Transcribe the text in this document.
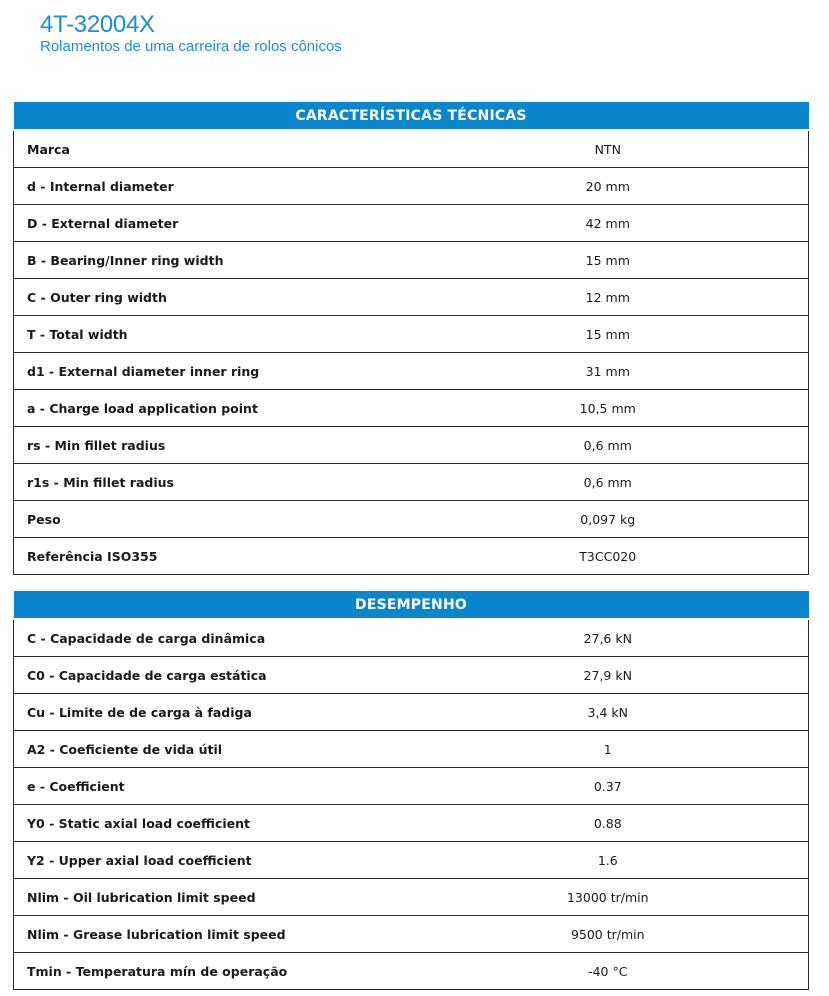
4T-32004X
Rolamentos de uma carreira de rolos cônicos
CARACTERÍSTICAS TÉCNICAS	
Marca	NTN
d - Internal diameter	20 mm
D - External diameter	42 mm
B - Bearing/Inner ring width	15 mm
C - Outer ring width	12 mm
T - Total width	15 mm
d1 - External diameter inner ring	31 mm
a - Charge load application point	10,5 mm
rs - Min fillet radius	0,6 mm
r1s - Min fillet radius	0,6 mm
Peso	0,097 kg
Referência ISO355	T3CC020
DESEMPENHO	
C - Capacidade de carga dinâmica	27,6 kN
C0 - Capacidade de carga estática	27,9 kN
Cu - Limite de de carga à fadiga	3,4 kN
A2 - Coeficiente de vida útil	1
e - Coefficient	0.37
Y0 - Static axial load coefficient	0.88
Y2 - Upper axial load coefficient	1.6
Nlim - Oil lubrication limit speed	13000 tr/min
Nlim - Grease lubrication limit speed	9500 tr/min
Tmin - Temperatura mín de operação	-40 °C
